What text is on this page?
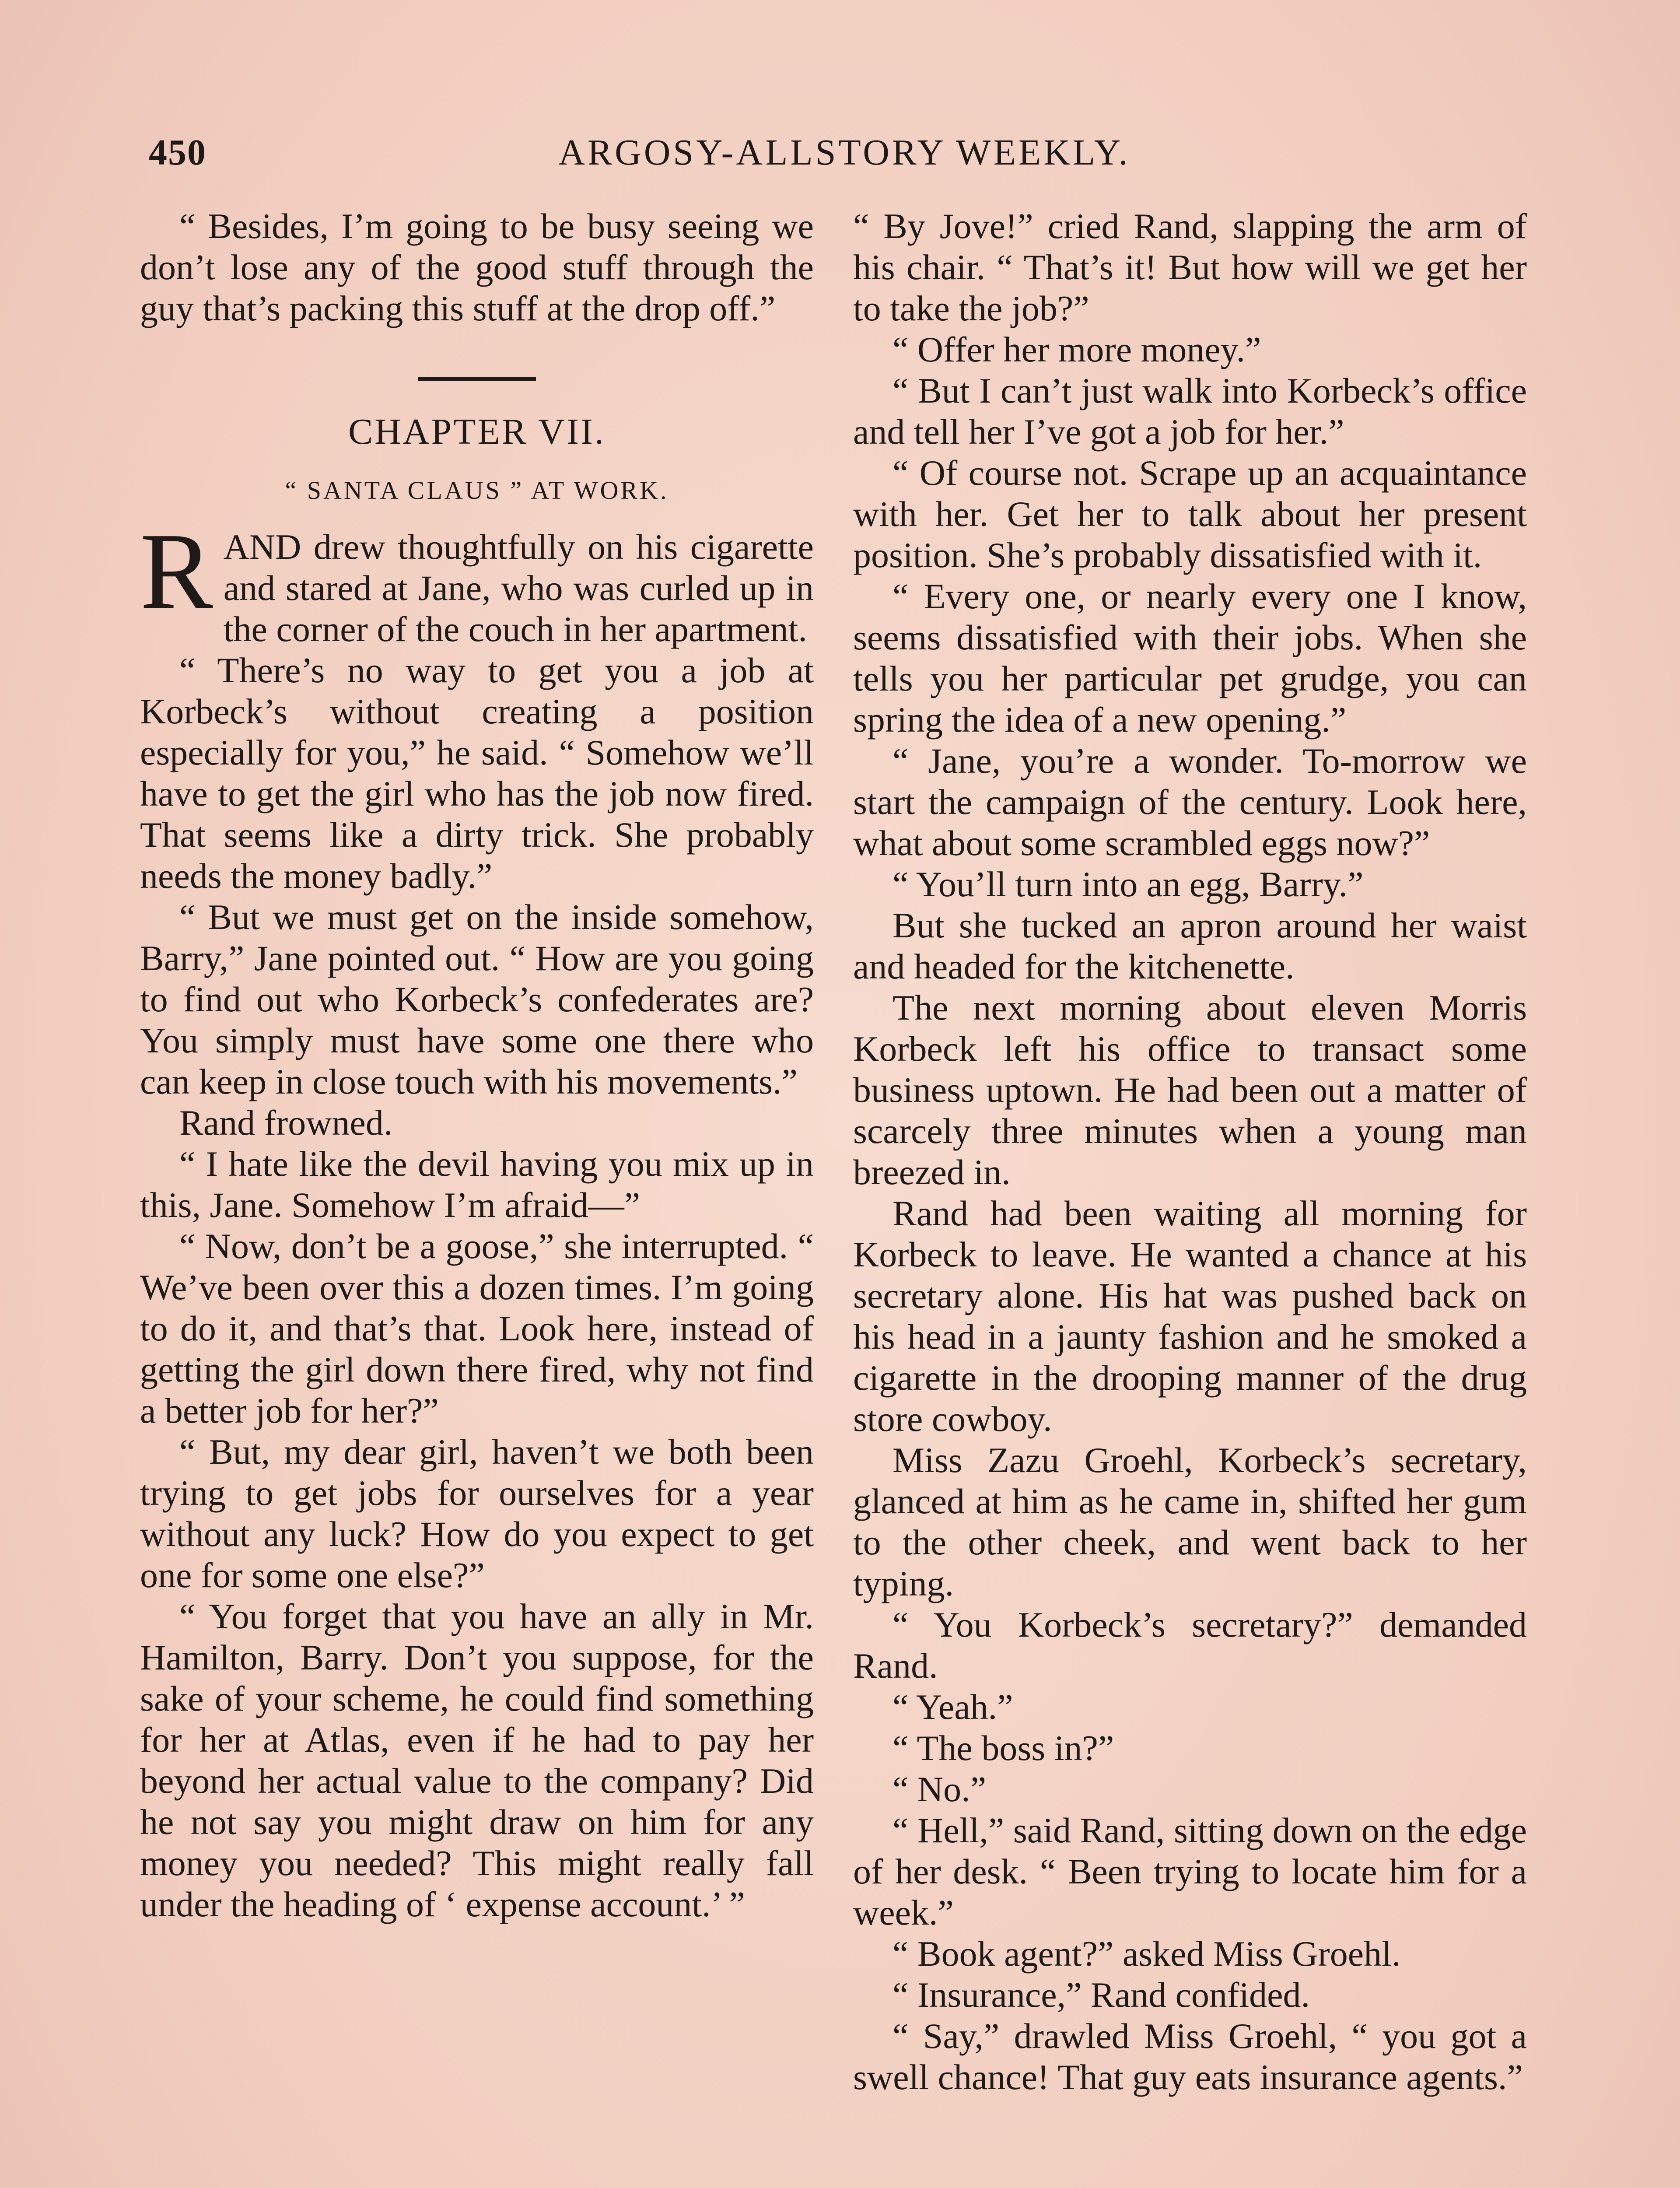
450	ARGOSY-ALLSTORY WEEKLY.

“ Besides, I’m going to be busy seeing we don’t lose any of the good stuff through the guy that’s packing this stuff at the drop off.”

CHAPTER VII.
“ SANTA CLAUS ” AT WORK.

RAND drew thoughtfully on his cigarette and stared at Jane, who was curled up in the corner of the couch in her apartment.

“ There’s no way to get you a job at Korbeck’s without creating a position especially for you,” he said. “ Somehow we’ll have to get the girl who has the job now fired. That seems like a dirty trick. She probably needs the money badly.”

“ But we must get on the inside somehow, Barry,” Jane pointed out. “ How are you going to find out who Korbeck’s confederates are? You simply must have some one there who can keep in close touch with his movements.”

Rand frowned.

“ I hate like the devil having you mix up in this, Jane. Somehow I’m afraid—”

“ Now, don’t be a goose,” she interrupted. “ We’ve been over this a dozen times. I’m going to do it, and that’s that. Look here, instead of getting the girl down there fired, why not find a better job for her?”

“ But, my dear girl, haven’t we both been trying to get jobs for ourselves for a year without any luck? How do you expect to get one for some one else?”

“ You forget that you have an ally in Mr. Hamilton, Barry. Don’t you suppose, for the sake of your scheme, he could find something for her at Atlas, even if he had to pay her beyond her actual value to the company? Did he not say you might draw on him for any money you needed? This might really fall under the heading of ‘ expense account.’ ”

“ By Jove!” cried Rand, slapping the arm of his chair. “ That’s it! But how will we get her to take the job?”

“ Offer her more money.”

“ But I can’t just walk into Korbeck’s office and tell her I’ve got a job for her.”

“ Of course not. Scrape up an acquaintance with her. Get her to talk about her present position. She’s probably dissatisfied with it.

“ Every one, or nearly every one I know, seems dissatisfied with their jobs. When she tells you her particular pet grudge, you can spring the idea of a new opening.”

“ Jane, you’re a wonder. To-morrow we start the campaign of the century. Look here, what about some scrambled eggs now?”

“ You’ll turn into an egg, Barry.”

But she tucked an apron around her waist and headed for the kitchenette.

The next morning about eleven Morris Korbeck left his office to transact some business uptown. He had been out a matter of scarcely three minutes when a young man breezed in.

Rand had been waiting all morning for Korbeck to leave. He wanted a chance at his secretary alone. His hat was pushed back on his head in a jaunty fashion and he smoked a cigarette in the drooping manner of the drug store cowboy.

Miss Zazu Groehl, Korbeck’s secretary, glanced at him as he came in, shifted her gum to the other cheek, and went back to her typing.

“ You Korbeck’s secretary?” demanded Rand.

“ Yeah.”

“ The boss in?”

“ No.”

“ Hell,” said Rand, sitting down on the edge of her desk. “ Been trying to locate him for a week.”

“ Book agent?” asked Miss Groehl.

“ Insurance,” Rand confided.

“ Say,” drawled Miss Groehl, “ you got a swell chance! That guy eats insurance agents.”
